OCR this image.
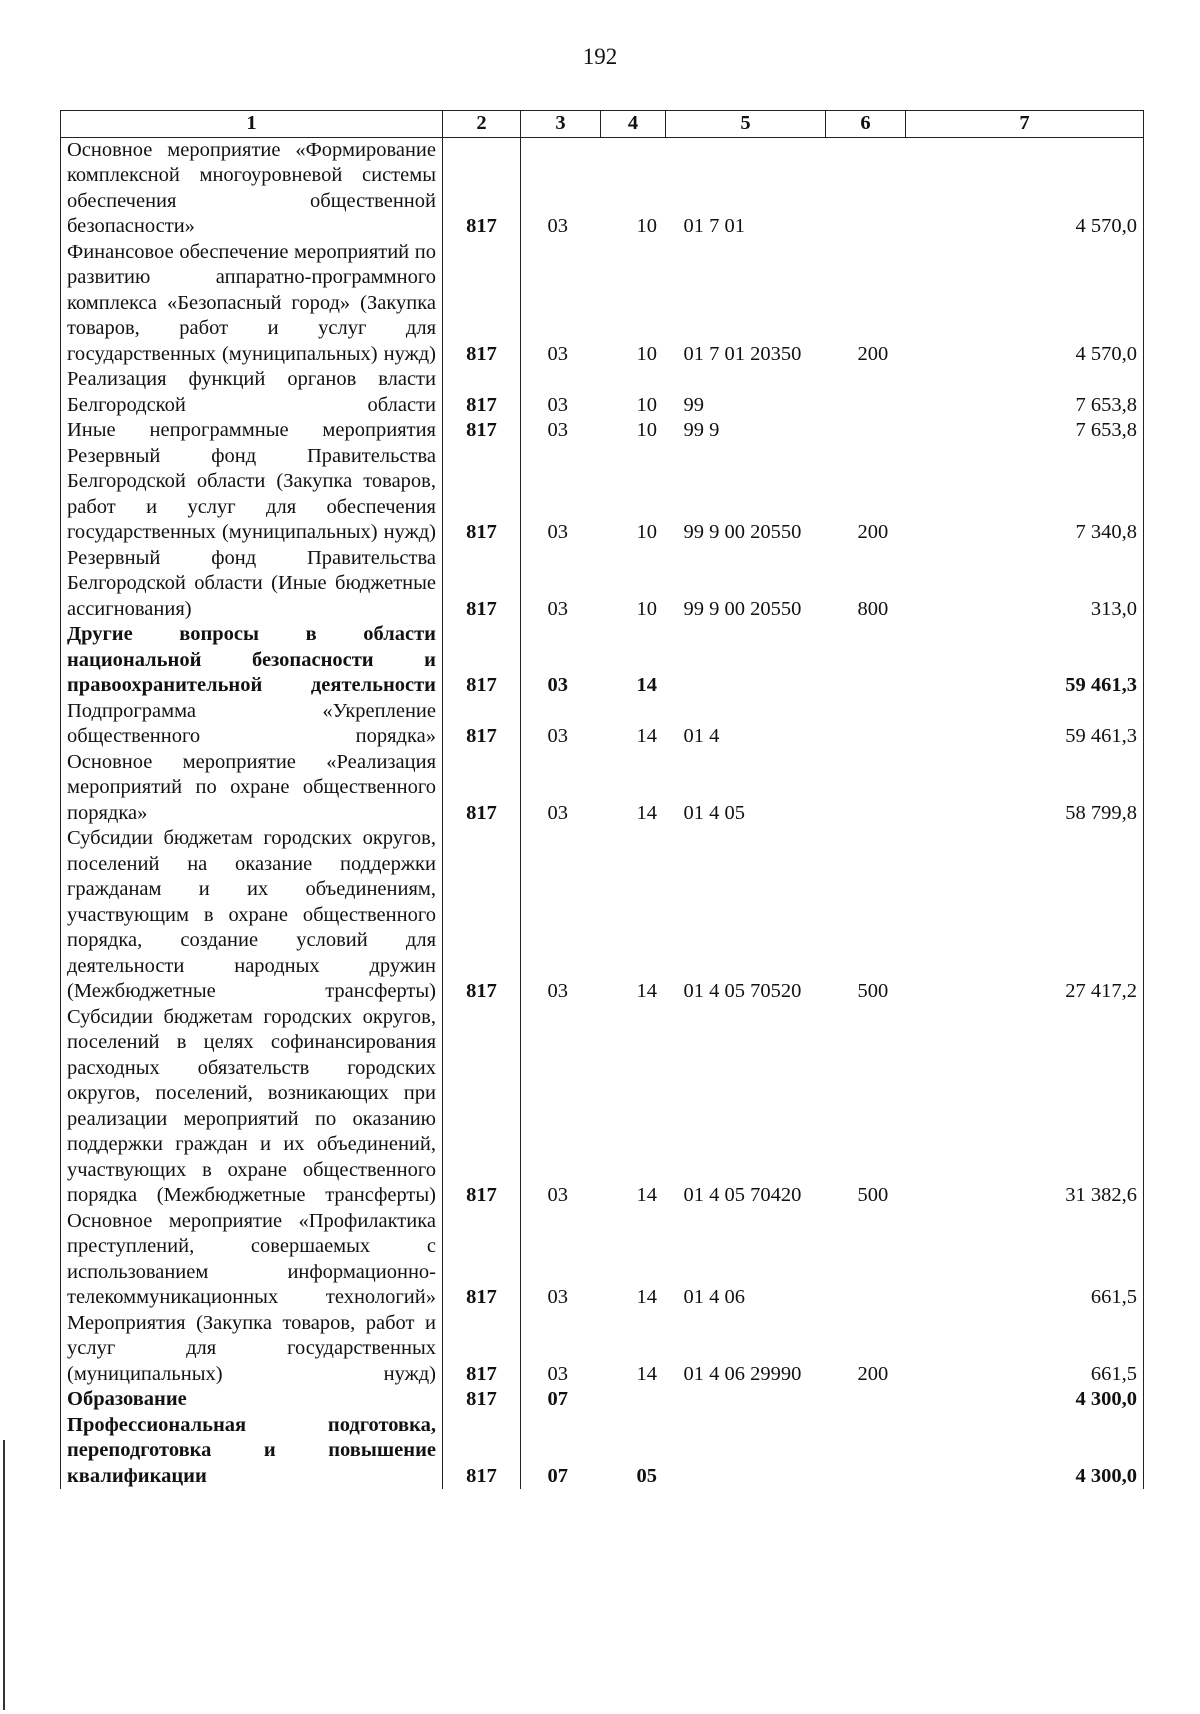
192
1	2	3	4	5	6	7
Основное мероприятие «Формирование комплексной многоуровневой системы обеспечения общественной безопасности»	817	03	10	01 7 01		4 570,0
Финансовое обеспечение мероприятий по развитию аппаратно-программного комплекса «Безопасный город» (Закупка товаров, работ и услуг для государственных (муниципальных) нужд)	817	03	10	01 7 01 20350	200	4 570,0
Реализация функций органов власти Белгородской области	817	03	10	99		7 653,8
Иные непрограммные мероприятия	817	03	10	99 9		7 653,8
Резервный фонд Правительства Белгородской области (Закупка товаров, работ и услуг для обеспечения государственных (муниципальных) нужд)	817	03	10	99 9 00 20550	200	7 340,8
Резервный фонд Правительства Белгородской области (Иные бюджетные ассигнования)	817	03	10	99 9 00 20550	800	313,0
Другие вопросы в области национальной безопасности и правоохранительной деятельности	817	03	14			59 461,3
Подпрограмма «Укрепление общественного порядка»	817	03	14	01 4		59 461,3
Основное мероприятие «Реализация мероприятий по охране общественного порядка»	817	03	14	01 4 05		58 799,8
Субсидии бюджетам городских округов, поселений на оказание поддержки гражданам и их объединениям, участвующим в охране общественного порядка, создание условий для деятельности народных дружин (Межбюджетные трансферты)	817	03	14	01 4 05 70520	500	27 417,2
Субсидии бюджетам городских округов, поселений в целях софинансирования расходных обязательств городских округов, поселений, возникающих при реализации мероприятий по оказанию поддержки граждан и их объединений, участвующих в охране общественного порядка (Межбюджетные трансферты)	817	03	14	01 4 05 70420	500	31 382,6
Основное мероприятие «Профилактика преступлений, совершаемых с использованием информационно-телекоммуникационных технологий»	817	03	14	01 4 06		661,5
Мероприятия (Закупка товаров, работ и услуг для государственных (муниципальных) нужд)	817	03	14	01 4 06 29990	200	661,5
Образование	817	07				4 300,0
Профессиональная подготовка, переподготовка и повышение квалификации	817	07	05			4 300,0
